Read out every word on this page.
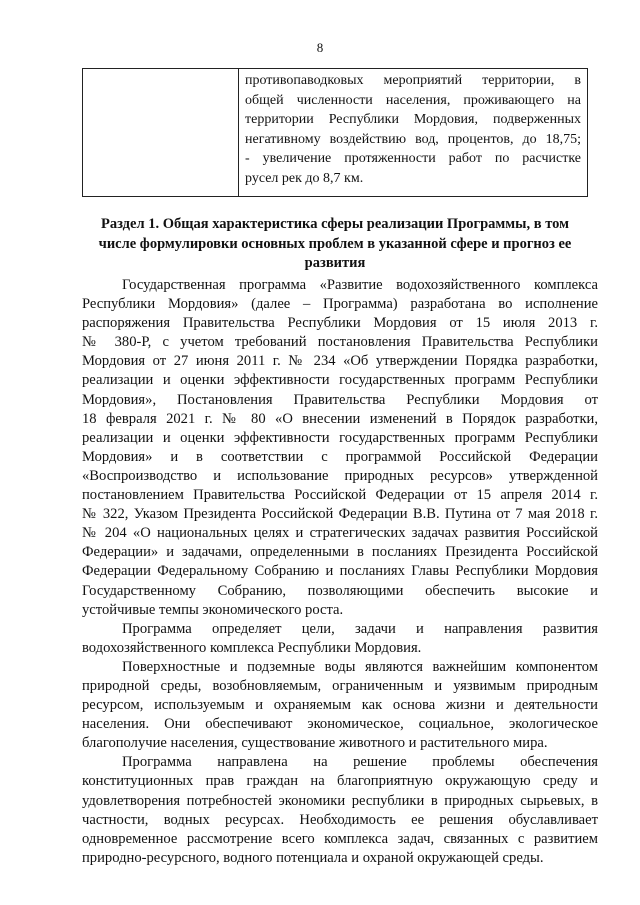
8

противопаводковых мероприятий территории, в
общей численности населения, проживающего на
территории Республики Мордовия, подверженных
негативному воздействию вод, процентов, до 18,75;
- увеличение протяженности работ по расчистке
русел рек до 8,7 км.
Раздел 1. Общая характеристика сферы реализации Программы, в том
числе формулировки основных проблем в указанной сфере и прогноз ее
развития
Государственная программа «Развитие водохозяйственного комплекса
Республики Мордовия» (далее – Программа) разработана во исполнение
распоряжения Правительства Республики Мордовия от 15 июля 2013 г.
№ 380-Р, с учетом требований постановления Правительства Республики
Мордовия от 27 июня 2011 г. № 234 «Об утверждении Порядка разработки,
реализации и оценки эффективности государственных программ Республики
Мордовия», Постановления Правительства Республики Мордовия от
18 февраля 2021 г. № 80 «О внесении изменений в Порядок разработки,
реализации и оценки эффективности государственных программ Республики
Мордовия» и в соответствии с программой Российской Федерации
«Воспроизводство и использование природных ресурсов» утвержденной
постановлением Правительства Российской Федерации от 15 апреля 2014 г.
№ 322, Указом Президента Российской Федерации В.В. Путина от 7 мая 2018 г.
№ 204 «О национальных целях и стратегических задачах развития Российской
Федерации» и задачами, определенными в посланиях Президента Российской
Федерации Федеральному Собранию и посланиях Главы Республики Мордовия
Государственному Собранию, позволяющими обеспечить высокие и
устойчивые темпы экономического роста.
Программа определяет цели, задачи и направления развития
водохозяйственного комплекса Республики Мордовия.
Поверхностные и подземные воды являются важнейшим компонентом
природной среды, возобновляемым, ограниченным и уязвимым природным
ресурсом, используемым и охраняемым как основа жизни и деятельности
населения. Они обеспечивают экономическое, социальное, экологическое
благополучие населения, существование животного и растительного мира.
Программа направлена на решение проблемы обеспечения
конституционных прав граждан на благоприятную окружающую среду и
удовлетворения потребностей экономики республики в природных сырьевых, в
частности, водных ресурсах. Необходимость ее решения обуславливает
одновременное рассмотрение всего комплекса задач, связанных с развитием
природно-ресурсного, водного потенциала и охраной окружающей среды.
